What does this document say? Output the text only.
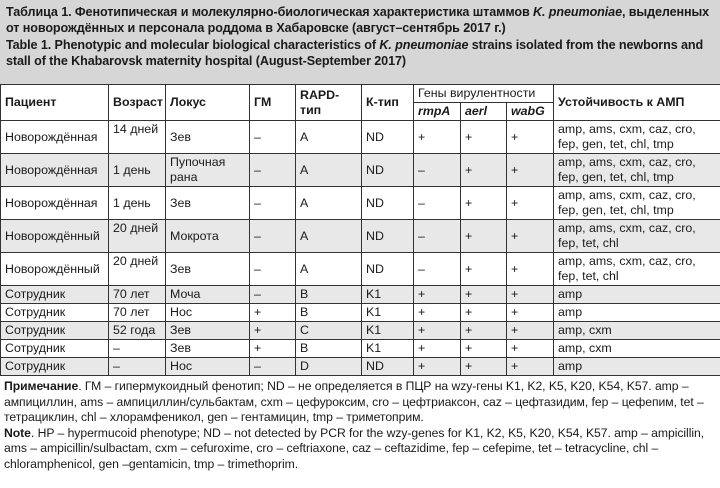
Таблица 1. Фенотипическая и молекулярно-биологическая характеристика штаммов K. pneumoniae, выделенных от новорождённых и персонала роддома в Хабаровске (август–сентябрь 2017 г.)

Table 1. Phenotypic and molecular biological characteristics of K. pneumoniae strains isolated from the newborns and stall of the Khabarovsk maternity hospital (August-September 2017)

Пациент	Возраст	Локус	ГМ	RAPD-тип	К-тип	Гены вирулентности			Устойчивость к АМП
						rmpA	aerl	wabG	
Новорождённая	14 дней	Зев	–	A	ND	+	+	+	amp, ams, cxm, caz, cro, fep, gen, tet, chl, tmp
Новорождённая	1 день	Пупочная рана	–	A	ND	–	+	+	amp, ams, cxm, caz, cro, fep, gen, tet, chl, tmp
Новорождённая	1 день	Зев	–	A	ND	–	+	+	amp, ams, cxm, caz, cro, fep, gen, tet, chl, tmp
Новорождённый	20 дней	Мокрота	–	A	ND	–	+	+	amp, ams, cxm, caz, cro, fep, tet, chl
Новорождённый	20 дней	Зев	–	A	ND	–	+	+	amp, ams, cxm, caz, cro, fep, tet, chl
Сотрудник	70 лет	Моча	–	B	K1	+	+	+	amp
Сотрудник	70 лет	Нос	+	B	K1	+	+	+	amp
Сотрудник	52 года	Зев	+	C	K1	+	+	+	amp, cxm
Сотрудник	–	Зев	+	B	K1	+	+	+	amp, cxm
Сотрудник	–	Нос	–	D	ND	+	+	+	amp

Примечание. ГМ – гипермукоидный фенотип; ND – не определяется в ПЦР на wzy-гены K1, K2, K5, K20, K54, K57. amp – ампициллин, ams – ампициллин/сульбактам, cxm – цефуроксим, cro – цефтриаксон, caz – цефтазидим, fep – цефепим, tet – тетрациклин, chl – хлорамфеникол, gen – гентамицин, tmp – триметоприм.

Note. HP – hypermucoid phenotype; ND – not detected by PCR for the wzy-genes for K1, K2, K5, K20, K54, K57. amp – ampicillin, ams – ampicillin/sulbactam, cxm – cefuroxime, cro – ceftriaxone, caz – ceftazidime, fep – cefepime, tet – tetracycline, chl – chloramphenicol, gen –gentamicin, tmp – trimethoprim.
